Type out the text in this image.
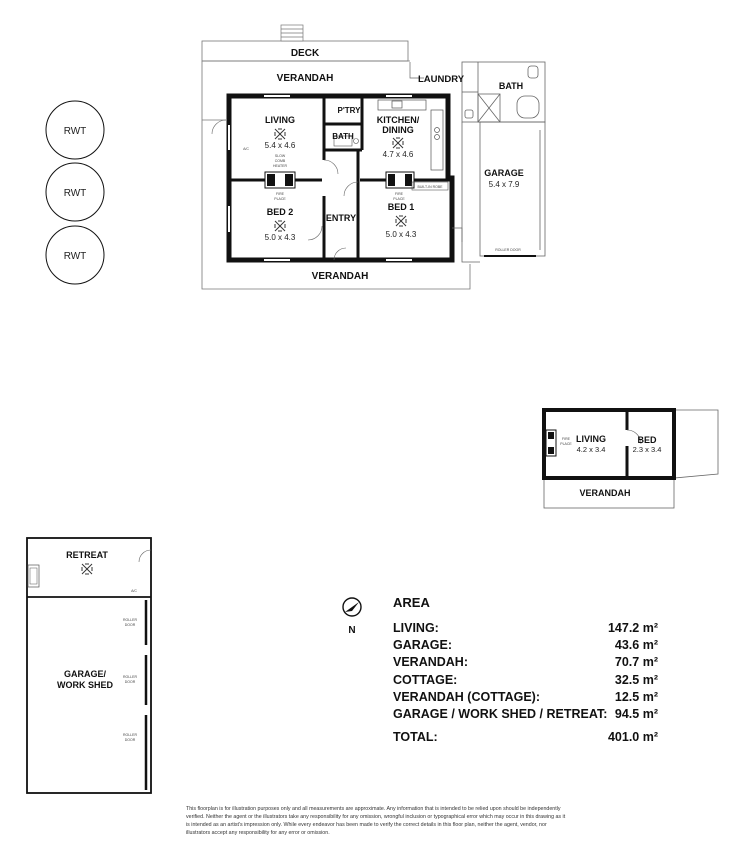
RWT
RWT
RWT
DECK
VERANDAH
VERANDAH
SLOW
COMB
HEATER
FIRE
PLACE
FIRE
PLACE
A/C
BUILT-IN ROBE
LIVING
5.4 x 4.6
P'TRY
BATH
KITCHEN/
DINING
4.7 x 4.6
BED 2
5.0 x 4.3
ENTRY
BED 1
5.0 x 4.3
LAUNDRY
BATH
GARAGE
5.4 x 7.9
ROLLER DOOR
FIRE
PLACE LIVING
4.2 x 3.4
BED
2.3 x 3.4
VERANDAH
RETREAT
GARAGE/
WORK SHED
A/C
ROLLER
DOOR
ROLLER
DOOR
ROLLER
DOOR
N
AREA
LIVING:	147.2 m²
GARAGE:	43.6 m²
VERANDAH:	70.7 m²
COTTAGE:	32.5 m²
VERANDAH (COTTAGE):	12.5 m²
GARAGE / WORK SHED / RETREAT: 94.5 m²
TOTAL:	401.0 m²
This floorplan is for illustration purposes only and all measurements are approximate. Any information that is intended to be relied upon should be independently verified. Neither the agent or the illustrators take any responsibility for any omission, wrongful inclusion or typographical error which may occur in this drawing as it is intended as an artist's impression only. While every endeavor has been made to verify the correct details in this floor plan, neither the agent, vendor, nor illustrators accept any responsibility for any error or omission.
